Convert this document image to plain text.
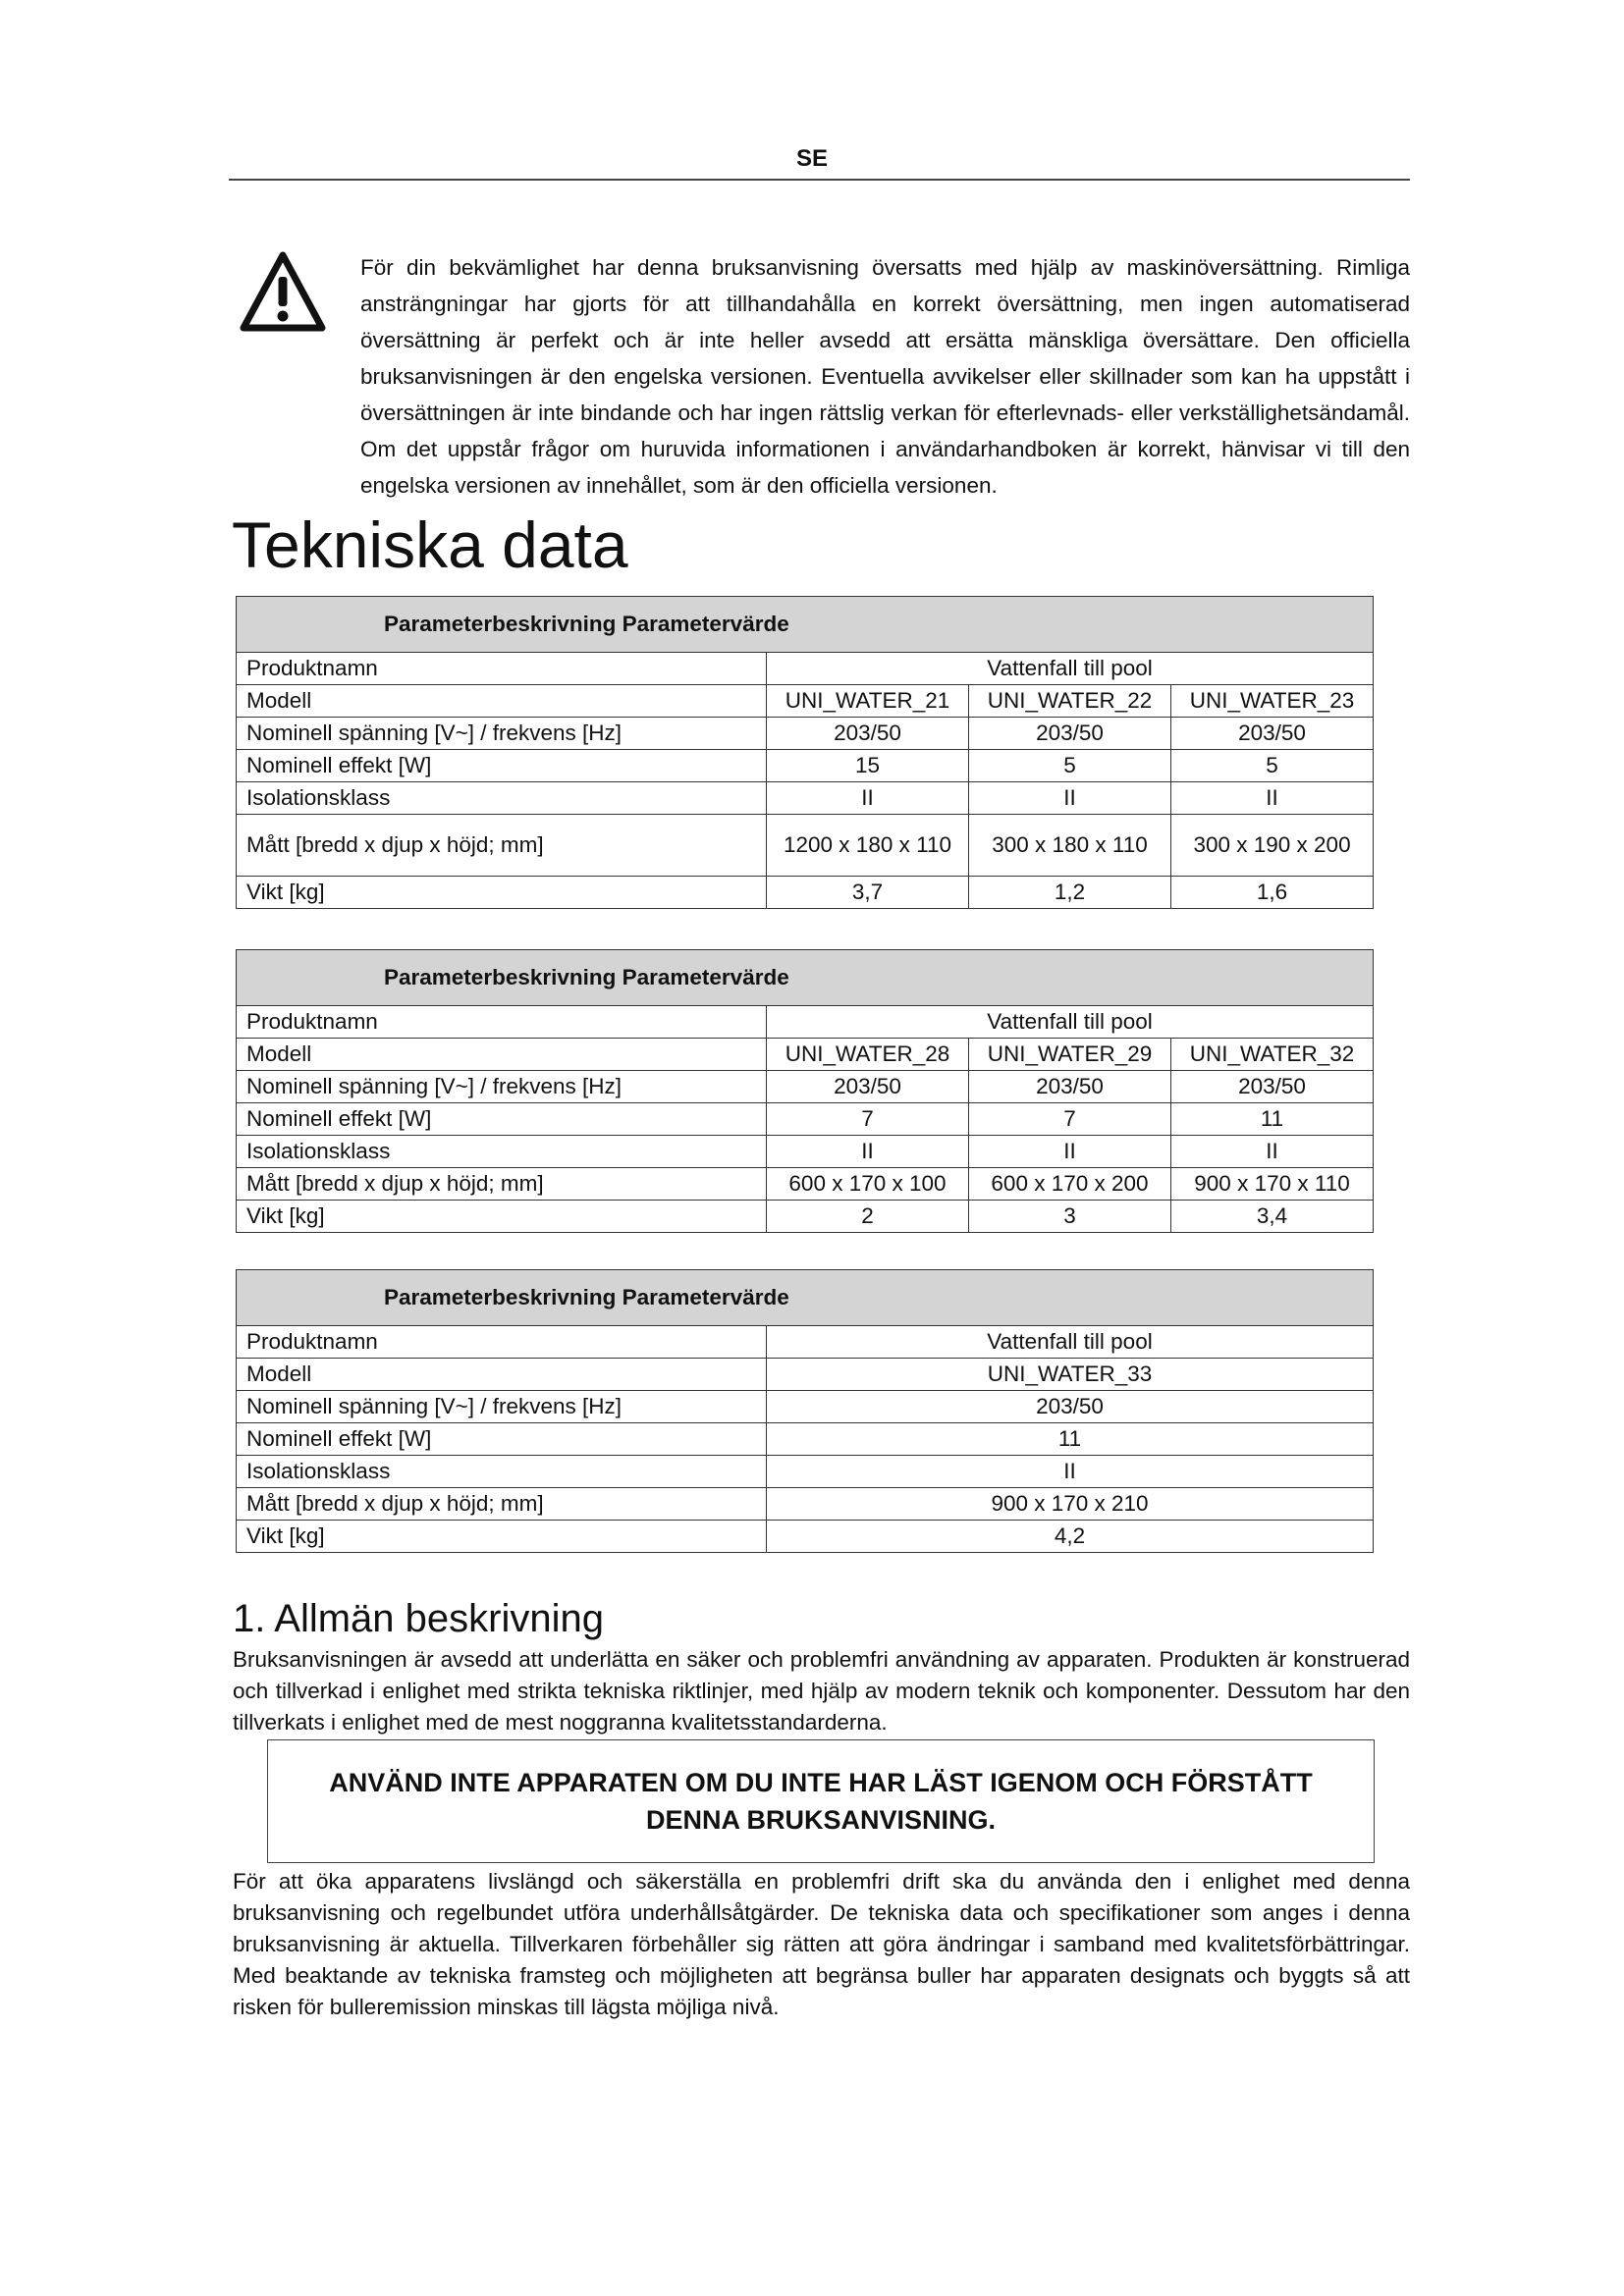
SE
För din bekvämlighet har denna bruksanvisning översatts med hjälp av maskinöversättning. Rimliga ansträngningar har gjorts för att tillhandahålla en korrekt översättning, men ingen automatiserad översättning är perfekt och är inte heller avsedd att ersätta mänskliga översättare. Den officiella bruksanvisningen är den engelska versionen. Eventuella avvikelser eller skillnader som kan ha uppstått i översättningen är inte bindande och har ingen rättslig verkan för efterlevnads- eller verkställighetsändamål. Om det uppstår frågor om huruvida informationen i användarhandboken är korrekt, hänvisar vi till den engelska versionen av innehållet, som är den officiella versionen.
Tekniska data
Parameterbeskrivning Parametervärde			
Produktnamn	Vattenfall till pool		
Modell	UNI_WATER_21	UNI_WATER_22	UNI_WATER_23
Nominell spänning [V~] / frekvens [Hz]	203/50	203/50	203/50
Nominell effekt [W]	15	5	5
Isolationsklass	II	II	II
Mått [bredd x djup x höjd; mm]	1200 x 180 x 110	300 x 180 x 110	300 x 190 x 200
Vikt [kg]	3,7	1,2	1,6
Parameterbeskrivning Parametervärde			
Produktnamn	Vattenfall till pool		
Modell	UNI_WATER_28	UNI_WATER_29	UNI_WATER_32
Nominell spänning [V~] / frekvens [Hz]	203/50	203/50	203/50
Nominell effekt [W]	7	7	11
Isolationsklass	II	II	II
Mått [bredd x djup x höjd; mm]	600 x 170 x 100	600 x 170 x 200	900 x 170 x 110
Vikt [kg]	2	3	3,4
Parameterbeskrivning Parametervärde	
Produktnamn	Vattenfall till pool
Modell	UNI_WATER_33
Nominell spänning [V~] / frekvens [Hz]	203/50
Nominell effekt [W]	11
Isolationsklass	II
Mått [bredd x djup x höjd; mm]	900 x 170 x 210
Vikt [kg]	4,2
1. Allmän beskrivning
Bruksanvisningen är avsedd att underlätta en säker och problemfri användning av apparaten. Produkten är konstruerad och tillverkad i enlighet med strikta tekniska riktlinjer, med hjälp av modern teknik och komponenter. Dessutom har den tillverkats i enlighet med de mest noggranna kvalitetsstandarderna.
ANVÄND INTE APPARATEN OM DU INTE HAR LÄST IGENOM OCH FÖRSTÅTT DENNA BRUKSANVISNING.
För att öka apparatens livslängd och säkerställa en problemfri drift ska du använda den i enlighet med denna bruksanvisning och regelbundet utföra underhållsåtgärder. De tekniska data och specifikationer som anges i denna bruksanvisning är aktuella. Tillverkaren förbehåller sig rätten att göra ändringar i samband med kvalitetsförbättringar. Med beaktande av tekniska framsteg och möjligheten att begränsa buller har apparaten designats och byggts så att risken för bulleremission minskas till lägsta möjliga nivå.
